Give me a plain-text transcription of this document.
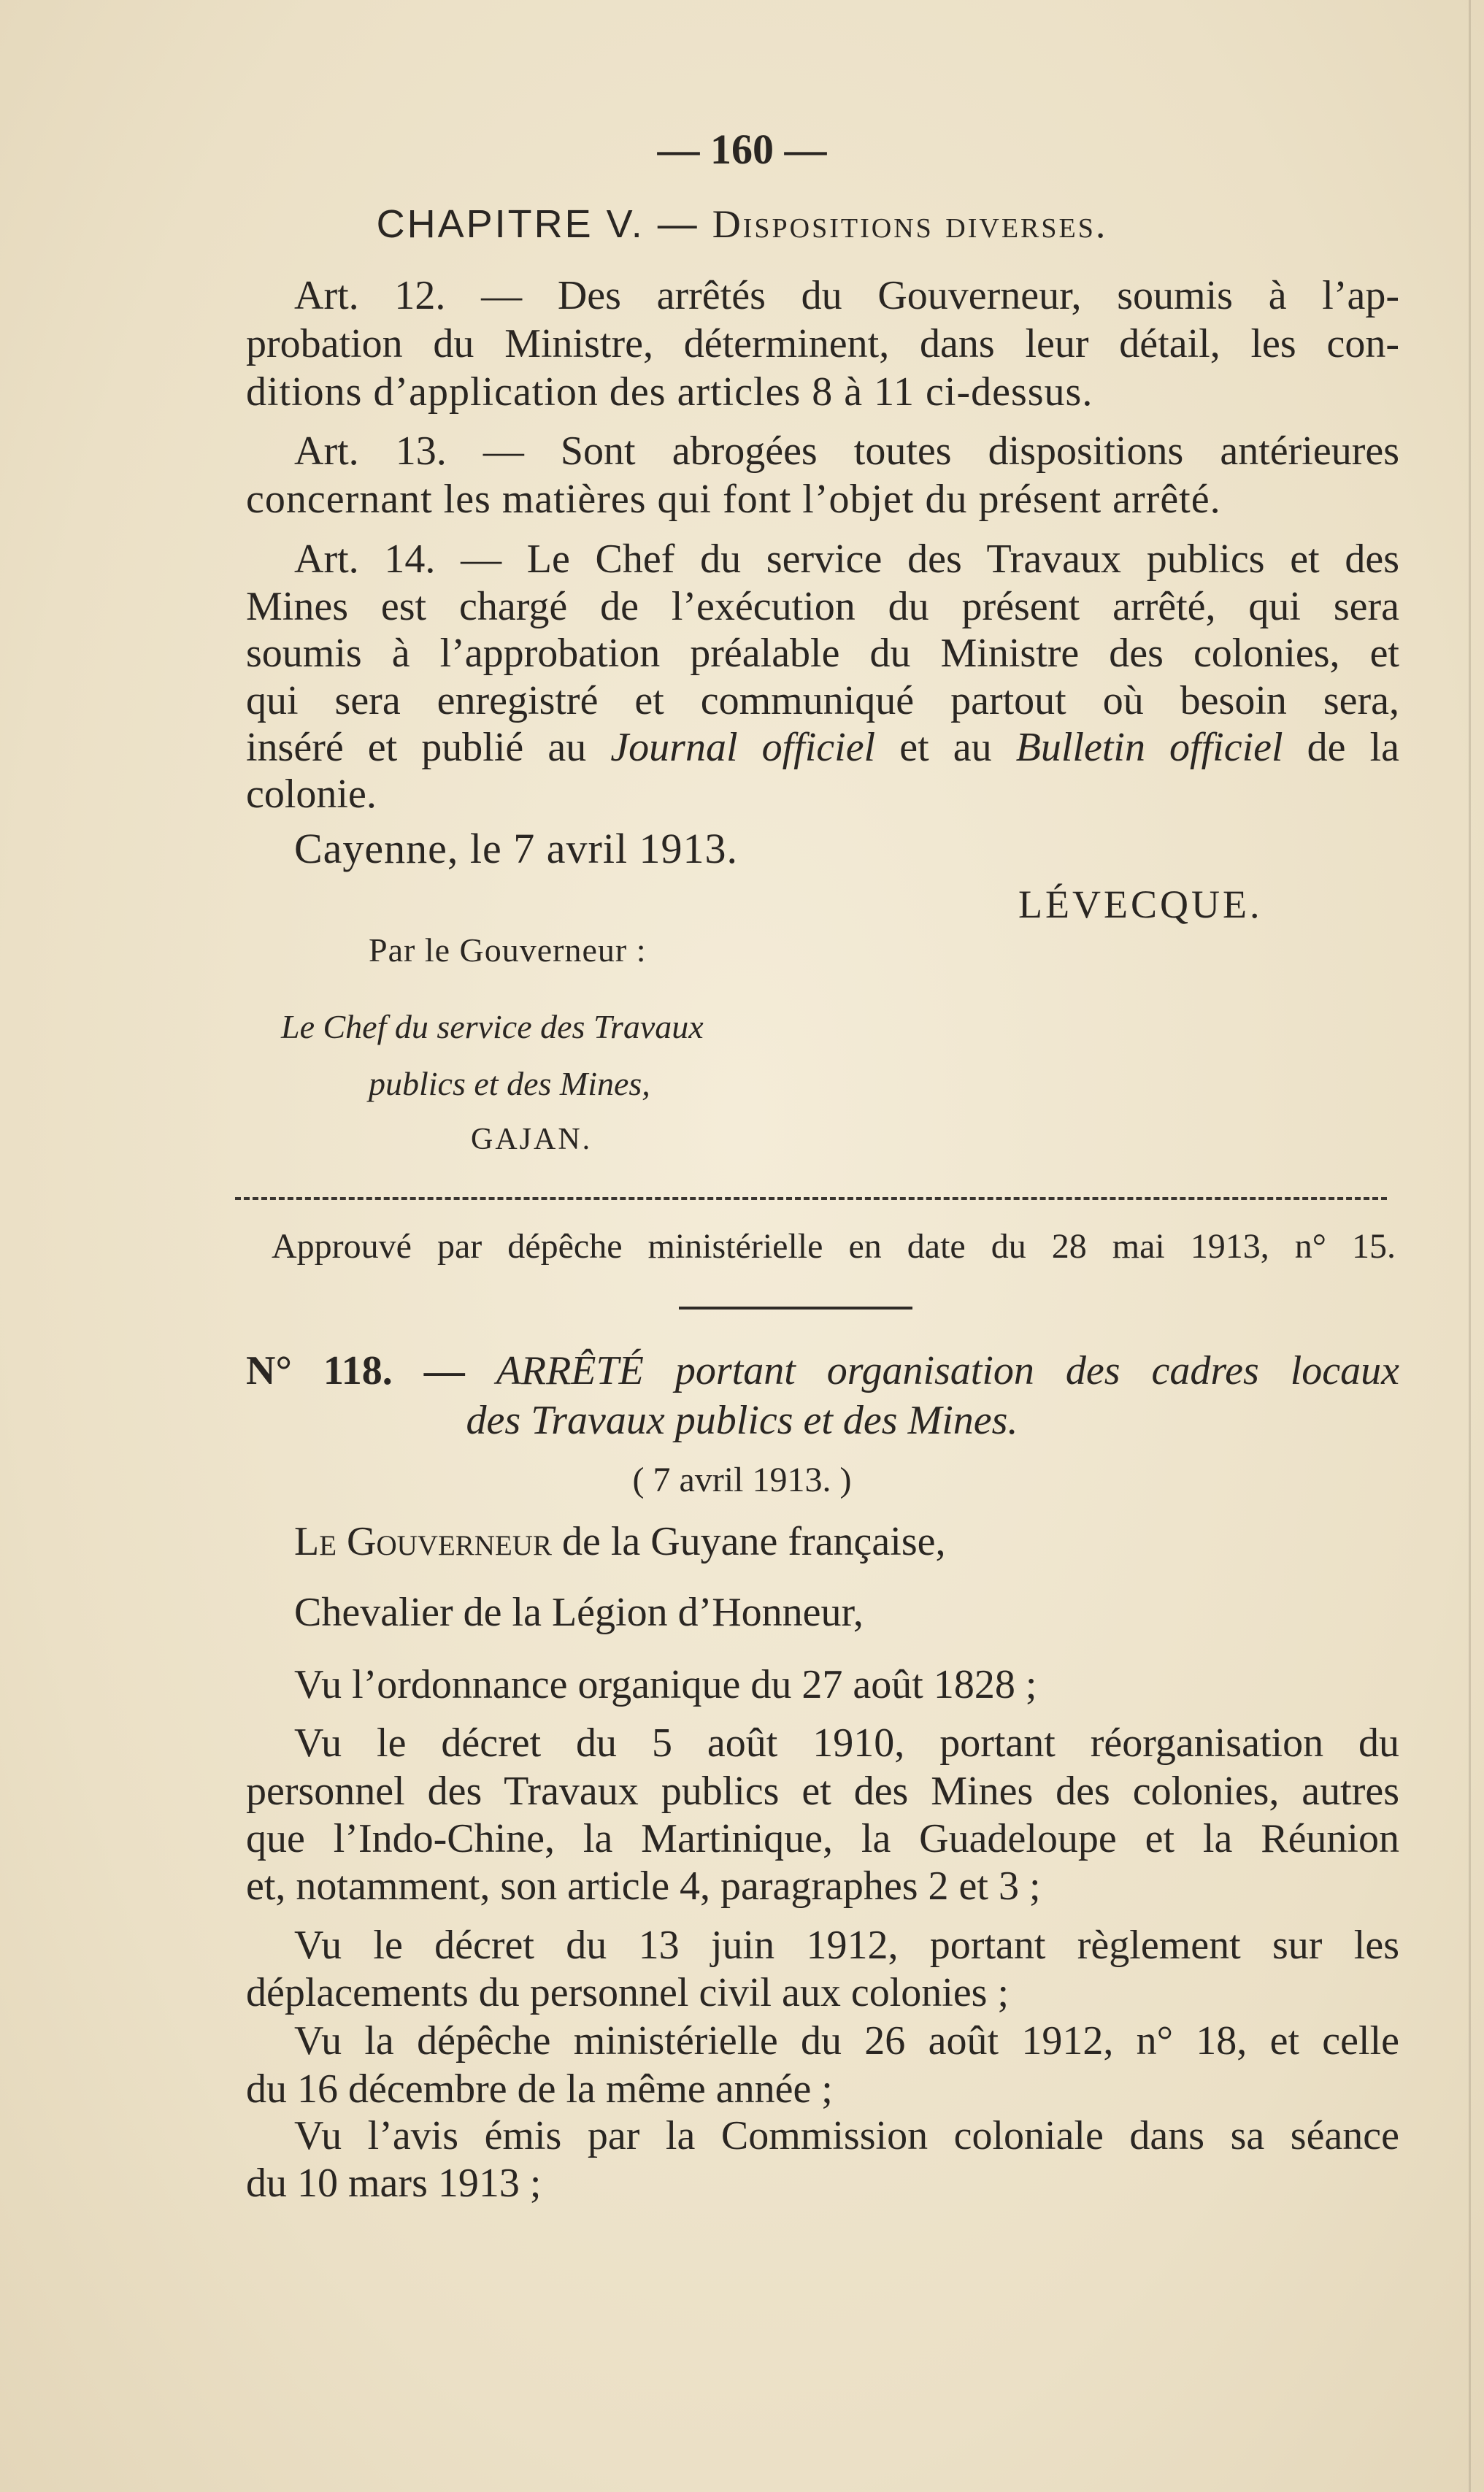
— 160 —
CHAPITRE V. — Dispositions diverses.
Art. 12. — Des arrêtés du Gouverneur, soumis à l’ap-
probation du Ministre, déterminent, dans leur détail, les con-
ditions d’application des articles 8 à 11 ci-dessus.
Art. 13. — Sont abrogées toutes dispositions antérieures
concernant les matières qui font l’objet du présent arrêté.
Art. 14. — Le Chef du service des Travaux publics et des
Mines est chargé de l’exécution du présent arrêté, qui sera
soumis à l’approbation préalable du Ministre des colonies, et
qui sera enregistré et communiqué partout où besoin sera,
inséré et publié au Journal officiel et au Bulletin officiel de la
colonie.
Cayenne, le 7 avril 1913.
LÉVECQUE.
Par le Gouverneur :
Le Chef du service des Travaux
publics et des Mines,
GAJAN.
Approuvé par dépêche ministérielle en date du 28 mai 1913, n° 15.
N° 118. — ARRÊTÉ portant organisation des cadres locaux
des Travaux publics et des Mines.
( 7 avril 1913. )
Le Gouverneur de la Guyane française,
Chevalier de la Légion d’Honneur,
Vu l’ordonnance organique du 27 août 1828 ;
Vu le décret du 5 août 1910, portant réorganisation du
personnel des Travaux publics et des Mines des colonies, autres
que l’Indo-Chine, la Martinique, la Guadeloupe et la Réunion
et, notamment, son article 4, paragraphes 2 et 3 ;
Vu le décret du 13 juin 1912, portant règlement sur les
déplacements du personnel civil aux colonies ;
Vu la dépêche ministérielle du 26 août 1912, n° 18, et celle
du 16 décembre de la même année ;
Vu l’avis émis par la Commission coloniale dans sa séance
du 10 mars 1913 ;
